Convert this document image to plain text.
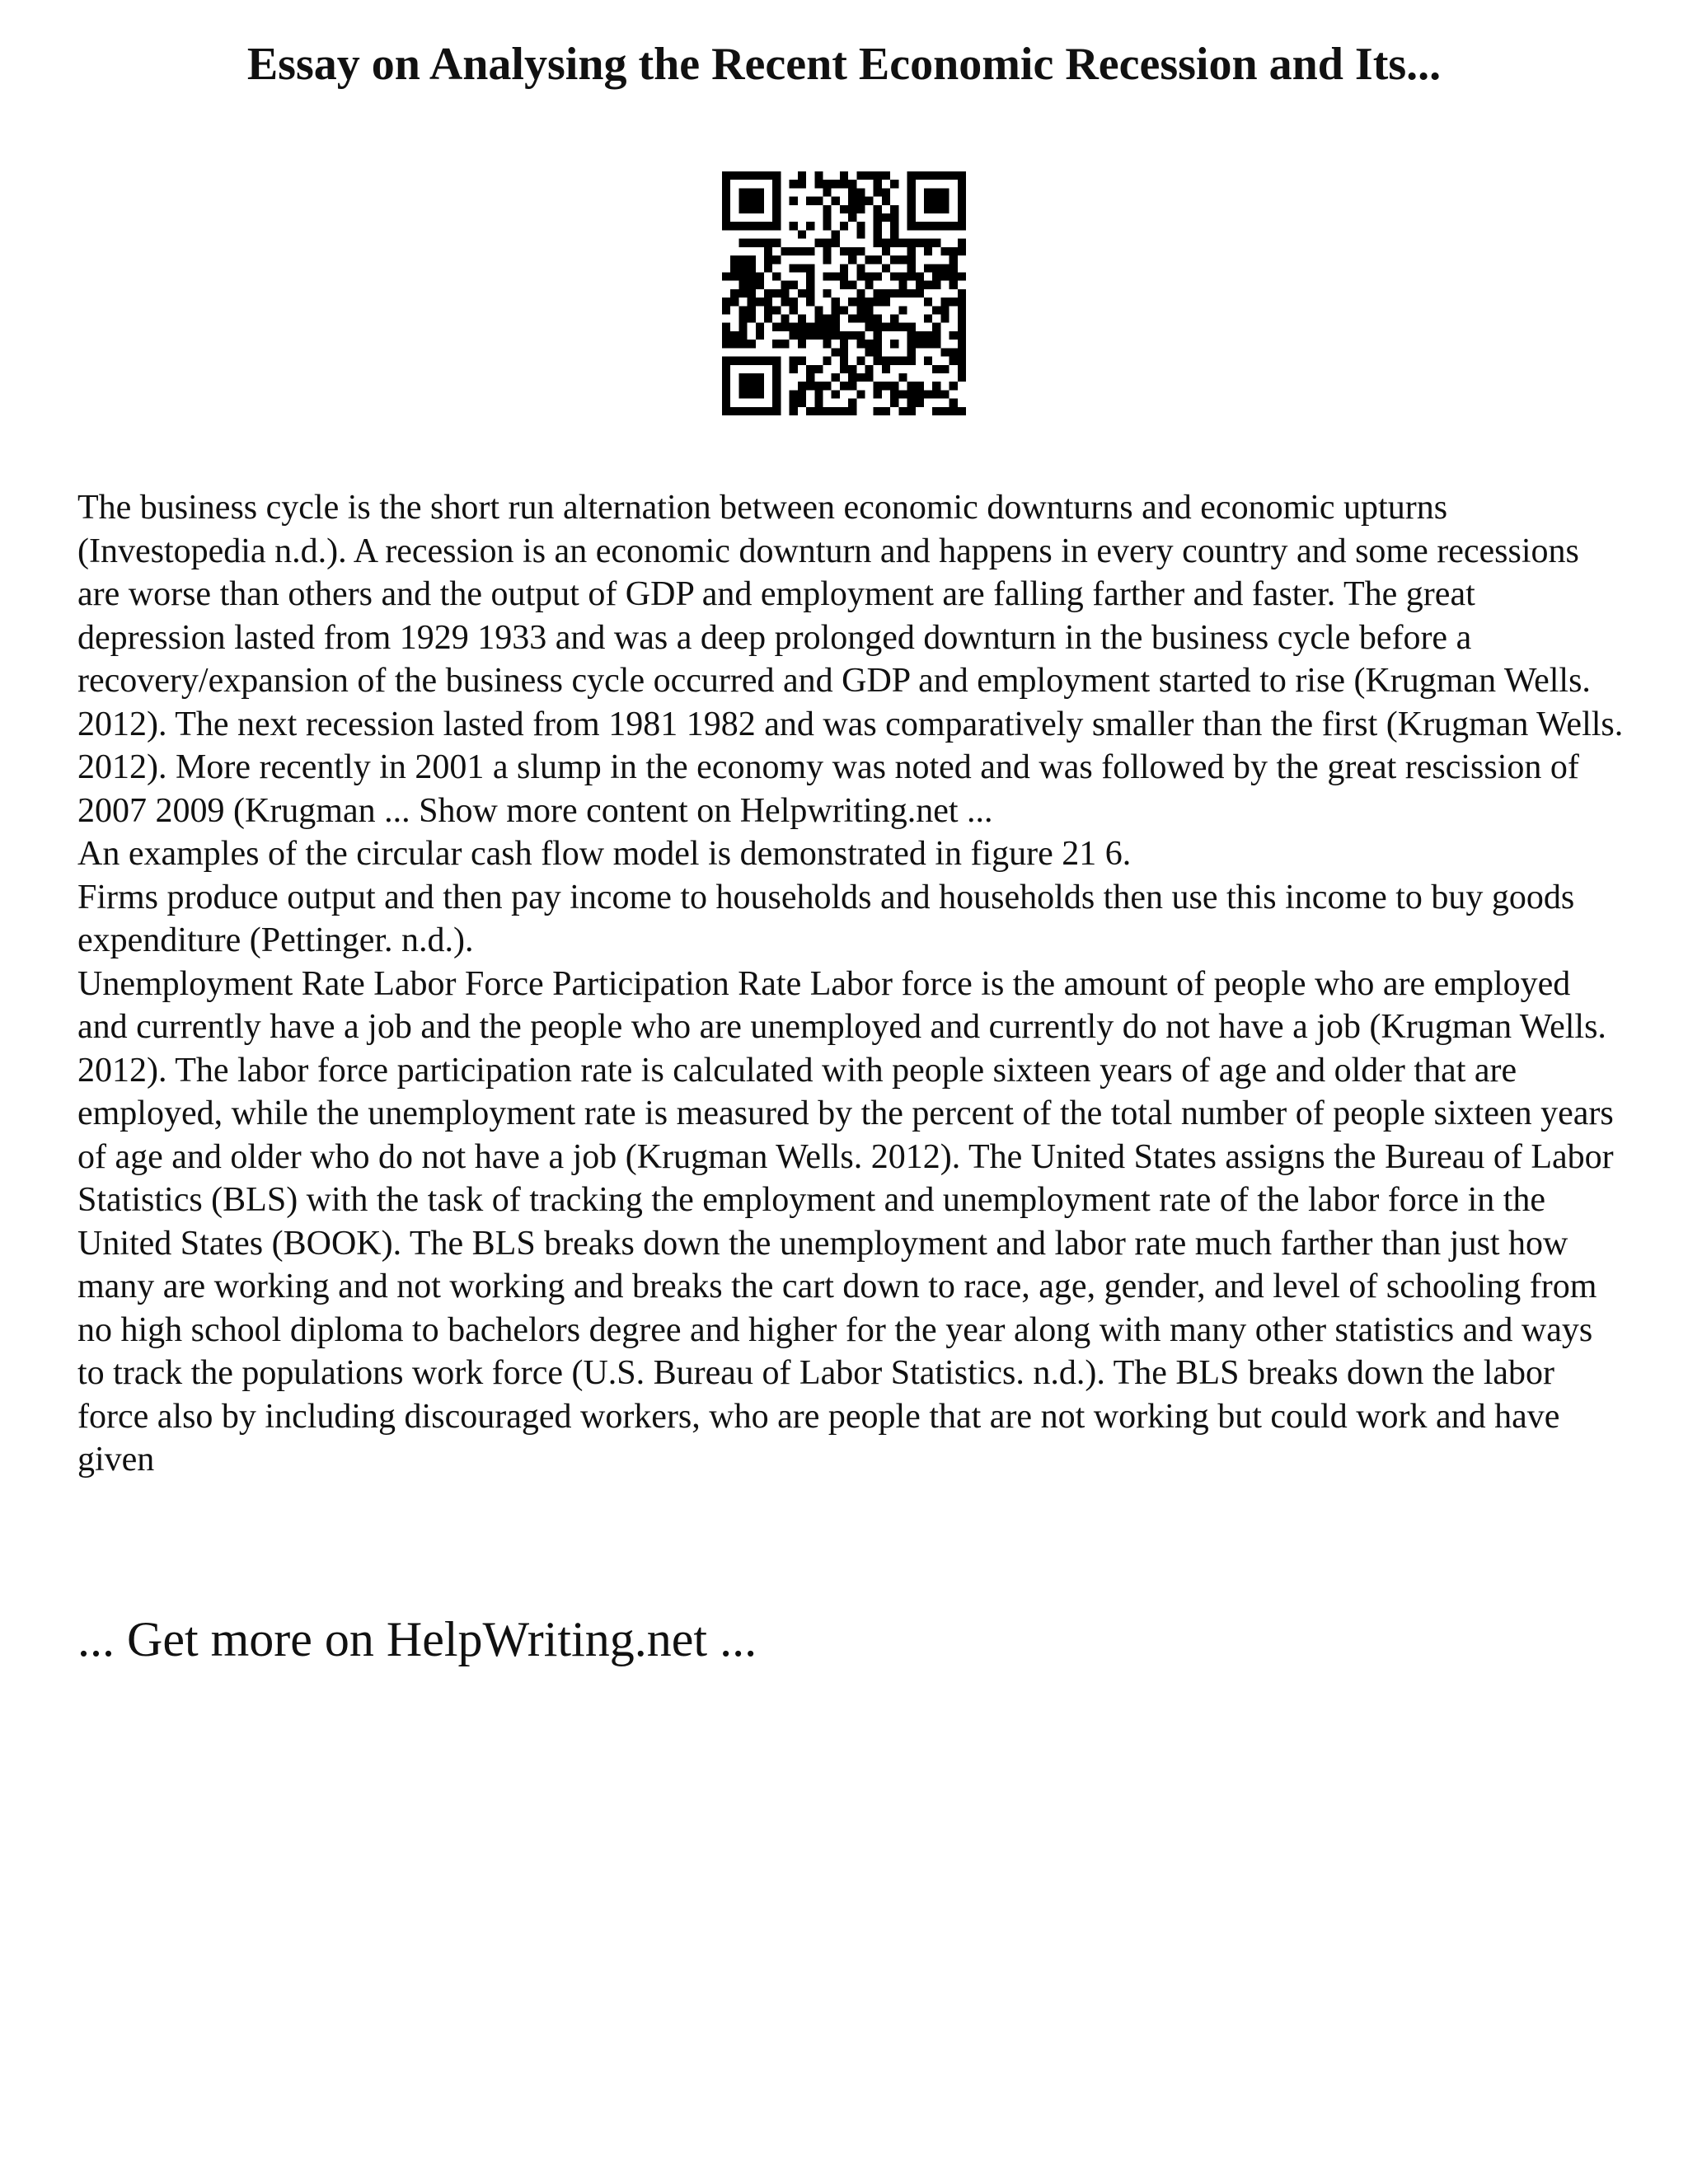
Essay on Analysing the Recent Economic Recession and Its...

The business cycle is the short run alternation between economic downturns and economic upturns (Investopedia n.d.). A recession is an economic downturn and happens in every country and some recessions are worse than others and the output of GDP and employment are falling farther and faster. The great depression lasted from 1929 1933 and was a deep prolonged downturn in the business cycle before a recovery/expansion of the business cycle occurred and GDP and employment started to rise (Krugman Wells. 2012). The next recession lasted from 1981 1982 and was comparatively smaller than the first (Krugman Wells. 2012). More recently in 2001 a slump in the economy was noted and was followed by the great rescission of 2007 2009 (Krugman ... Show more content on Helpwriting.net ...

An examples of the circular cash flow model is demonstrated in figure 21 6.

Firms produce output and then pay income to households and households then use this income to buy goods expenditure (Pettinger. n.d.).

Unemployment Rate Labor Force Participation Rate Labor force is the amount of people who are employed and currently have a job and the people who are unemployed and currently do not have a job (Krugman Wells. 2012). The labor force participation rate is calculated with people sixteen years of age and older that are employed, while the unemployment rate is measured by the percent of the total number of people sixteen years of age and older who do not have a job (Krugman Wells. 2012). The United States assigns the Bureau of Labor Statistics (BLS) with the task of tracking the employment and unemployment rate of the labor force in the United States (BOOK). The BLS breaks down the unemployment and labor rate much farther than just how many are working and not working and breaks the cart down to race, age, gender, and level of schooling from no high school diploma to bachelors degree and higher for the year along with many other statistics and ways to track the populations work force (U.S. Bureau of Labor Statistics. n.d.). The BLS breaks down the labor force also by including discouraged workers, who are people that are not working but could work and have given

... Get more on HelpWriting.net ...
